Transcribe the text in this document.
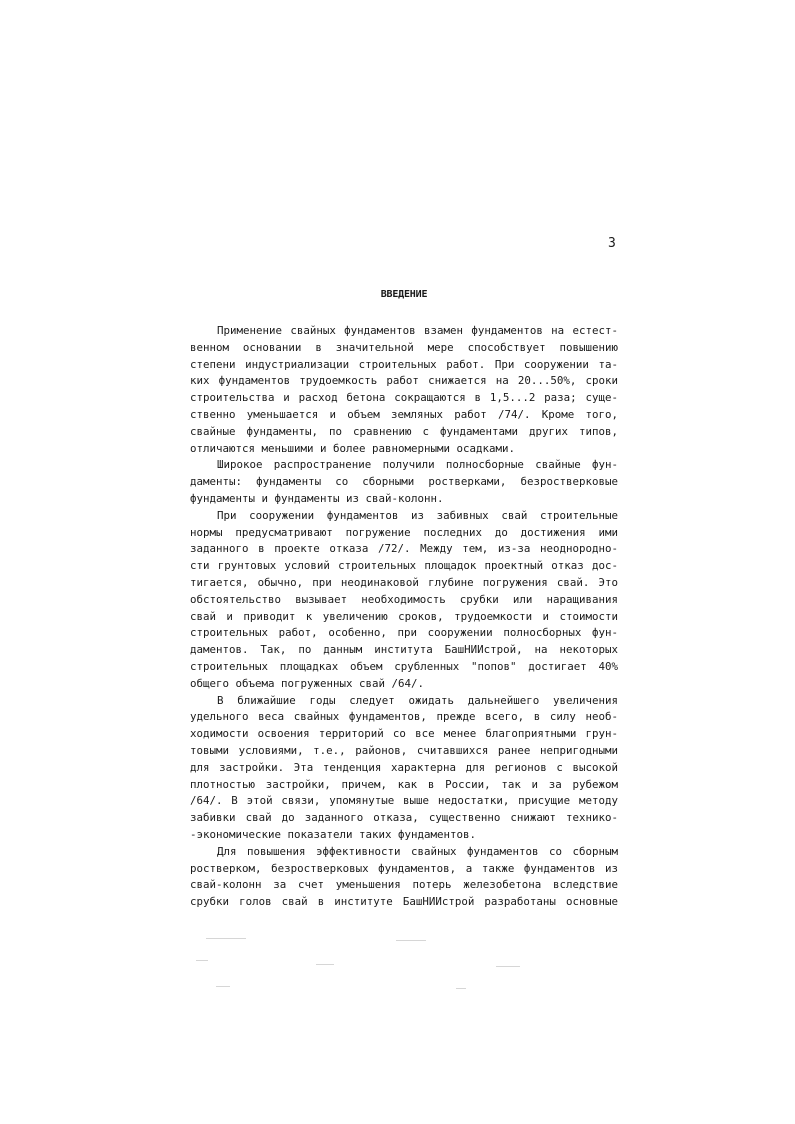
3
ВВЕДЕНИЕ
Применение свайных фундаментов взамен фундаментов на естест-
венном основании в значительной мере способствует повышению
степени индустриализации строительных работ. При сооружении та-
ких фундаментов трудоемкость работ снижается на 20...50%, сроки
строительства и расход бетона сокращаются в 1,5...2 раза; суще-
ственно уменьшается и объем земляных работ /74/. Кроме того,
свайные фундаменты, по сравнению с фундаментами других типов,
отличаются меньшими и более равномерными осадками.
Широкое распространение получили полносборные свайные фун-
даменты: фундаменты со сборными ростверками, безростверковые
фундаменты и фундаменты из свай-колонн.
При сооружении фундаментов из забивных свай строительные
нормы предусматривают погружение последних до достижения ими
заданного в проекте отказа /72/. Между тем, из-за неоднородно-
сти грунтовых условий строительных площадок проектный отказ дос-
тигается, обычно, при неодинаковой глубине погружения свай. Это
обстоятельство вызывает необходимость срубки или наращивания
свай и приводит к увеличению сроков, трудоемкости и стоимости
строительных работ, особенно, при сооружении полносборных фун-
даментов. Так, по данным института БашНИИстрой, на некоторых
строительных площадках объем срубленных "попов" достигает 40%
общего объема погруженных свай /64/.
В ближайшие годы следует ожидать дальнейшего увеличения
удельного веса свайных фундаментов, прежде всего, в силу необ-
ходимости освоения территорий со все менее благоприятными грун-
товыми условиями, т.е., районов, считавшихся ранее непригодными
для застройки. Эта тенденция характерна для регионов с высокой
плотностью застройки, причем, как в России, так и за рубежом
/64/. В этой связи, упомянутые выше недостатки, присущие методу
забивки свай до заданного отказа, существенно снижают технико-
-экономические показатели таких фундаментов.
Для повышения эффективности свайных фундаментов со сборным
ростверком, безростверковых фундаментов, а также фундаментов из
свай-колонн за счет уменьшения потерь железобетона вследствие
срубки голов свай в институте БашНИИстрой разработаны основные
